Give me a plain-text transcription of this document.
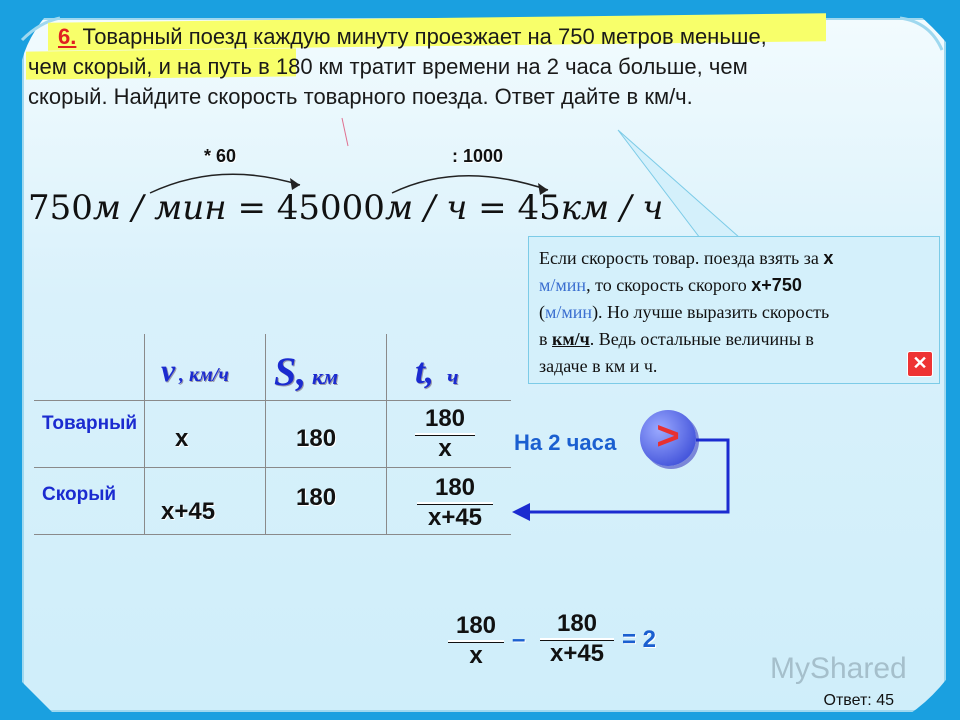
6. Товарный поезд каждую минуту проезжает на 750 метров меньше,
чем скорый, и на путь в 180 км тратит времени на 2 часа больше, чем
скорый. Найдите скорость товарного поезда. Ответ дайте в км/ч.
* 60	: 1000
750м / мин = 45000м / ч = 45км / ч
Если скорость товар. поезда взять за x
м/мин, то скорость скорого x+750
(м/мин). Но лучше выразить скорость
в км/ч. Ведь остальные величины в
задаче в км и ч.	✕

	v , км/ч	S, км	t, ч

Товарный	x	180	$\frac{180}{x}$

Скорый	x+45	180	$\frac{180}{x+45}$
На 2 часа >
$\frac{180}{x} - \frac{180}{x+45} = 2$
MyShared
Ответ: 45
